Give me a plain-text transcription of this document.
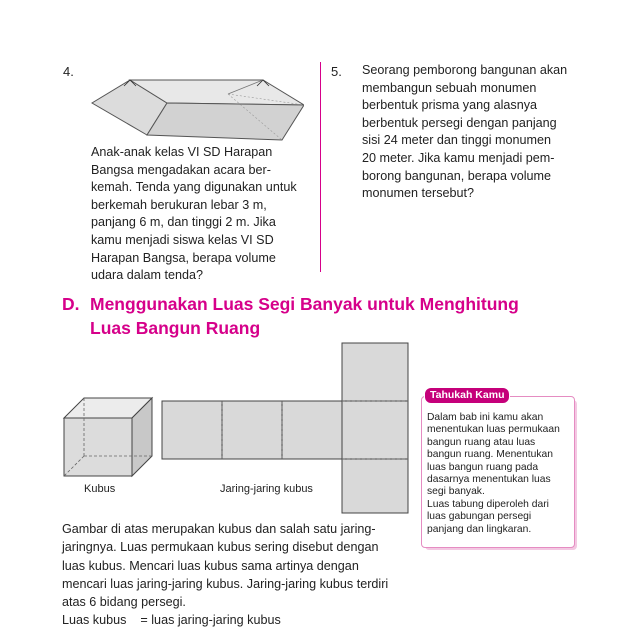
4.
Anak-anak kelas VI SD Harapan
Bangsa mengadakan acara ber-
kemah. Tenda yang digunakan untuk
berkemah berukuran lebar 3 m,
panjang 6 m, dan tinggi 2 m. Jika
kamu menjadi siswa kelas VI SD
Harapan Bangsa, berapa volume
udara dalam tenda?
5. Seorang pemborong bangunan akan
membangun sebuah monumen
berbentuk prisma yang alasnya
berbentuk persegi dengan panjang
sisi 24 meter dan tinggi monumen
20 meter. Jika kamu menjadi pem-
borong bangunan, berapa volume
monumen tersebut?
D. Menggunakan Luas Segi Banyak untuk Menghitung
Luas Bangun Ruang
Kubus	Jaring-jaring kubus
Tahukah Kamu
Dalam bab ini kamu akan
menentukan luas permukaan
bangun ruang atau luas
bangun ruang. Menentukan
luas bangun ruang pada
dasarnya menentukan luas
segi banyak.
Luas tabung diperoleh dari
luas gabungan persegi
panjang dan lingkaran.
Gambar di atas merupakan kubus dan salah satu jaring-
jaringnya. Luas permukaan kubus sering disebut dengan
luas kubus. Mencari luas kubus sama artinya dengan
mencari luas jaring-jaring kubus. Jaring-jaring kubus terdiri
atas 6 bidang persegi.
Luas kubus    = luas jaring-jaring kubus
